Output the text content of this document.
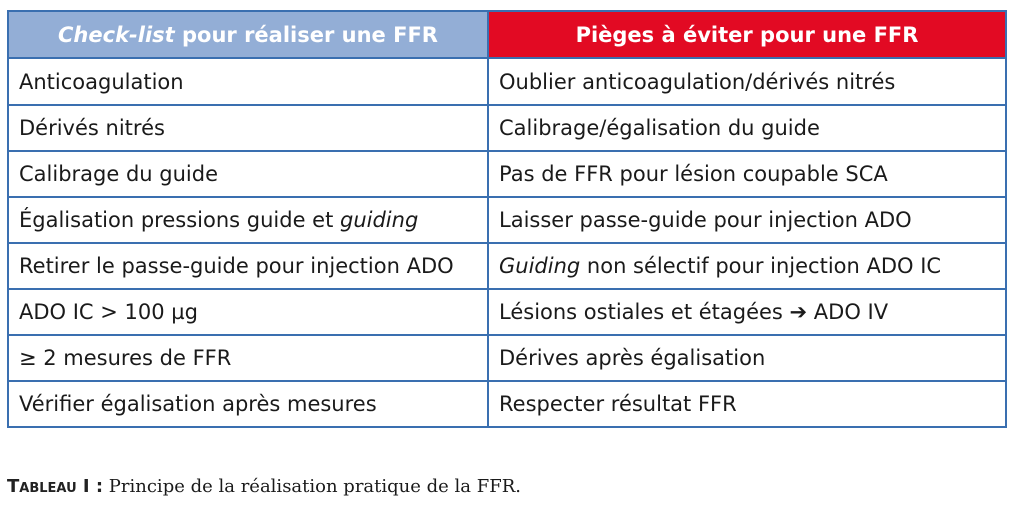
Check-list pour réaliser une FFR	Pièges à éviter pour une FFR
Anticoagulation	Oublier anticoagulation/dérivés nitrés
Dérivés nitrés	Calibrage/égalisation du guide
Calibrage du guide	Pas de FFR pour lésion coupable SCA
Égalisation pressions guide et guiding	Laisser passe-guide pour injection ADO
Retirer le passe-guide pour injection ADO	Guiding non sélectif pour injection ADO IC
ADO IC > 100 µg	Lésions ostiales et étagées ➔ ADO IV
≥ 2 mesures de FFR	Dérives après égalisation
Vérifier égalisation après mesures	Respecter résultat FFR
Tableau I : Principe de la réalisation pratique de la FFR.
